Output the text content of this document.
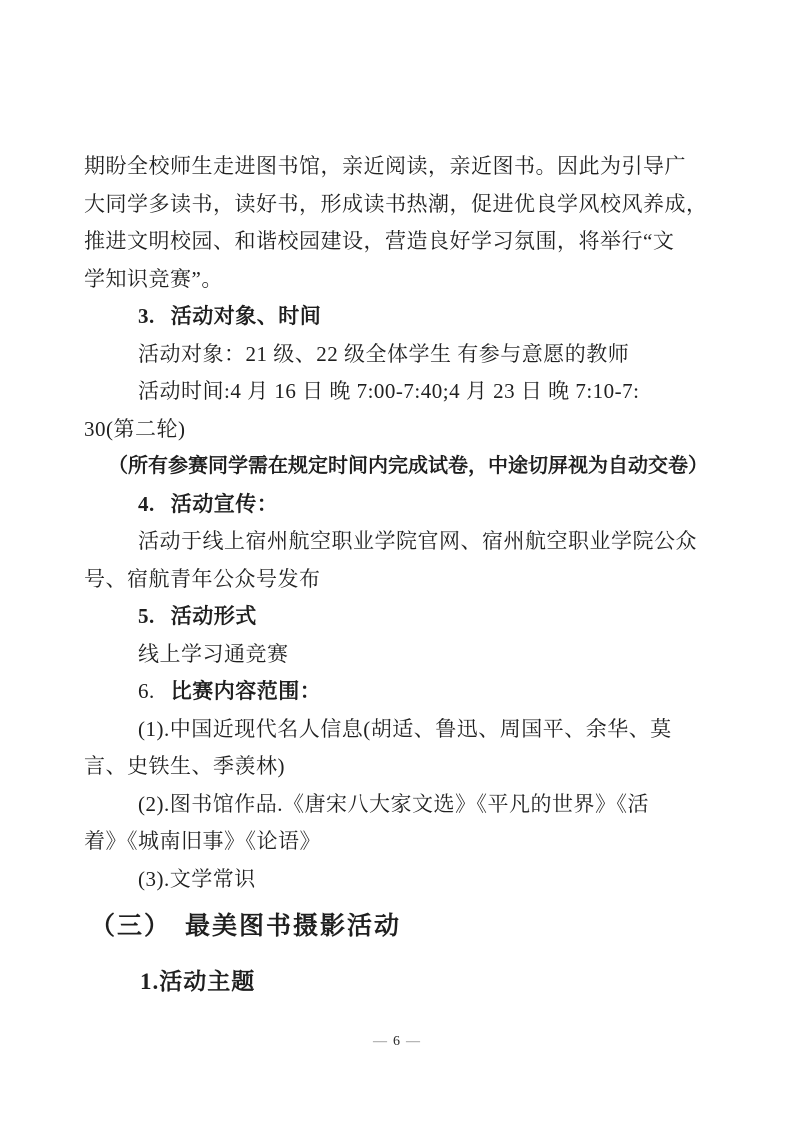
期盼全校师生走进图书馆，亲近阅读，亲近图书。因此为引导广
大同学多读书，读好书，形成读书热潮，促进优良学风校风养成，
推进文明校园、和谐校园建设，营造良好学习氛围，将举行“文
学知识竞赛”。
3. 活动对象、时间
活动对象：21 级、22 级全体学生 有参与意愿的教师
活动时间:4 月 16 日 晚 7:00-7:40;4 月 23 日 晚 7:10-7:
30(第二轮)
（所有参赛同学需在规定时间内完成试卷，中途切屏视为自动交卷）
4. 活动宣传：
活动于线上宿州航空职业学院官网、宿州航空职业学院公众
号、宿航青年公众号发布
5. 活动形式
线上学习通竞赛
6. 比赛内容范围：
(1).中国近现代名人信息(胡适、鲁迅、周国平、余华、莫
言、史铁生、季羡林)
(2).图书馆作品.《唐宋八大家文选》《平凡的世界》《活
着》《城南旧事》《论语》
(3).文学常识
（三） 最美图书摄影活动
1.活动主题
— 6 —
